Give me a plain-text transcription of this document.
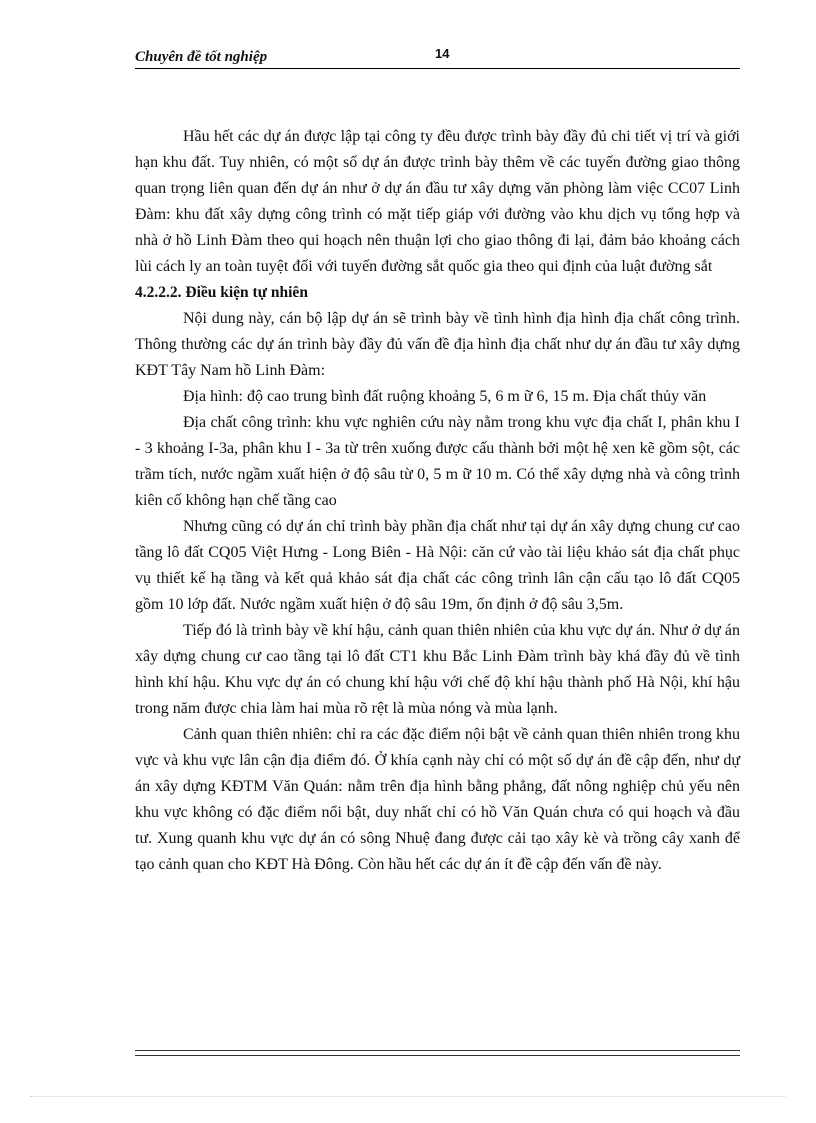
Chuyên đề tốt nghiệp	14

Hầu hết các dự án được lập tại công ty đều được trình bày đầy đủ chi tiết vị trí và giới hạn khu đất. Tuy nhiên, có một số dự án được trình bày thêm về các tuyến đường giao thông quan trọng liên quan đến dự án như ở dự án đầu tư xây dựng văn phòng làm việc CC07 Linh Đàm: khu đất xây dựng công trình có mặt tiếp giáp với đường vào khu dịch vụ tổng hợp và nhà ở hồ Linh Đàm theo qui hoạch nên thuận lợi cho giao thông đi lại, đảm bảo khoảng cách lùi cách ly an toàn tuyệt đối với tuyến đường sắt quốc gia theo qui định của luật đường sắt

4.2.2.2. Điều kiện tự nhiên

Nội dung này, cán bộ lập dự án sẽ trình bày về tình hình địa hình địa chất công trình. Thông thường các dự án trình bày đầy đủ vấn đề địa hình địa chất như dự án đầu tư xây dựng KĐT Tây Nam hồ Linh Đàm:

Địa hình: độ cao trung bình đất ruộng khoảng 5, 6 m ữ 6, 15 m. Địa chất thủy văn

Địa chất công trình: khu vực nghiên cứu này nằm trong khu vực địa chất I, phân khu I - 3 khoảng I-3a, phân khu I - 3a từ trên xuống được cấu thành bởi một hệ xen kẽ gồm sột, các trầm tích, nước ngầm xuất hiện ở độ sâu từ 0, 5 m ữ 10 m. Có thể xây dựng nhà và công trình kiên cố không hạn chế tầng cao

Nhưng cũng có dự án chỉ trình bày phần địa chất như tại dự án xây dựng chung cư cao tầng lô đất CQ05 Việt Hưng - Long Biên - Hà Nội: căn cứ vào tài liệu khảo sát địa chất phục vụ thiết kế hạ tầng và kết quả khảo sát địa chất các công trình lân cận cấu tạo lô đất CQ05 gồm 10 lớp đất. Nước ngầm xuất hiện ở độ sâu 19m, ổn định ở độ sâu 3,5m.

Tiếp đó là trình bày về khí hậu, cảnh quan thiên nhiên của khu vực dự án. Như ở dự án xây dựng chung cư cao tầng tại lô đất CT1 khu Bắc Linh Đàm trình bày khá đầy đủ về tình hình khí hậu. Khu vực dự án có chung khí hậu với chế độ khí hậu thành phố Hà Nội, khí hậu trong năm được chia làm hai mùa rõ rệt là mùa nóng và mùa lạnh.

Cảnh quan thiên nhiên: chỉ ra các đặc điểm nội bật về cảnh quan thiên nhiên trong khu vực và khu vực lân cận địa điểm đó. Ở khía cạnh này chỉ có một số dự án đề cập đến, như dự án xây dựng KĐTM Văn Quán: nằm trên địa hình bằng phẳng, đất nông nghiệp chủ yếu nên khu vực không có đặc điểm nổi bật, duy nhất chỉ có hồ Văn Quán chưa có qui hoạch và đầu tư. Xung quanh khu vực dự án có sông Nhuệ đang được cải tạo xây kè và trồng cây xanh để tạo cảnh quan cho KĐT Hà Đông. Còn hầu hết các dự án ít đề cập đến vấn đề này.
